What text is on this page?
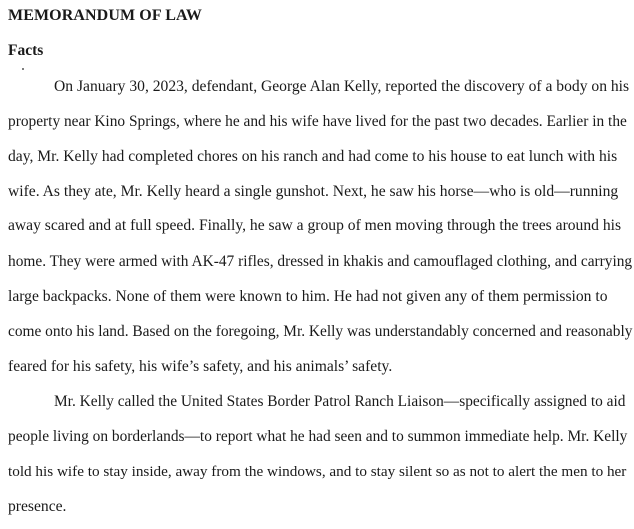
MEMORANDUM OF LAW
Facts
On January 30, 2023, defendant, George Alan Kelly, reported the discovery of a body on his
property near Kino Springs, where he and his wife have lived for the past two decades. Earlier in the
day, Mr. Kelly had completed chores on his ranch and had come to his house to eat lunch with his
wife. As they ate, Mr. Kelly heard a single gunshot. Next, he saw his horse—who is old—running
away scared and at full speed. Finally, he saw a group of men moving through the trees around his
home. They were armed with AK-47 rifles, dressed in khakis and camouflaged clothing, and carrying
large backpacks. None of them were known to him. He had not given any of them permission to
come onto his land. Based on the foregoing, Mr. Kelly was understandably concerned and reasonably
feared for his safety, his wife’s safety, and his animals’ safety.
Mr. Kelly called the United States Border Patrol Ranch Liaison—specifically assigned to aid
people living on borderlands—to report what he had seen and to summon immediate help. Mr. Kelly
told his wife to stay inside, away from the windows, and to stay silent so as not to alert the men to her
presence.
